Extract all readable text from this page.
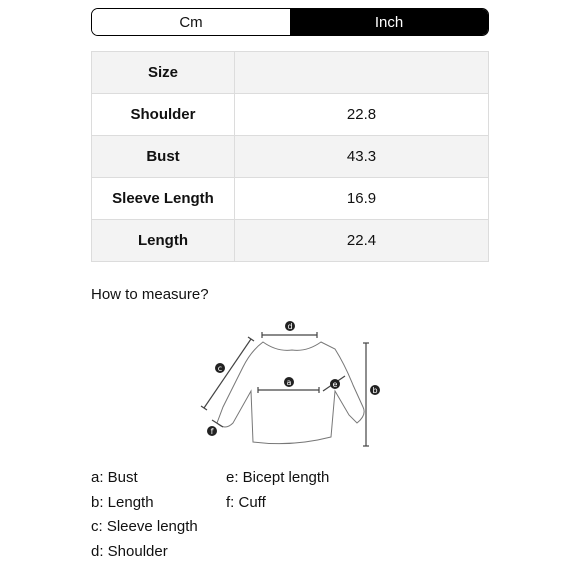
Cm	Inch
Size	
Shoulder	22.8
Bust	43.3
Sleeve Length	16.9
Length	22.4
How to measure?
d
c
a	e
b
f
a: Bust
b: Length
c: Sleeve length
d: Shoulder
e: Bicept length
f: Cuff
